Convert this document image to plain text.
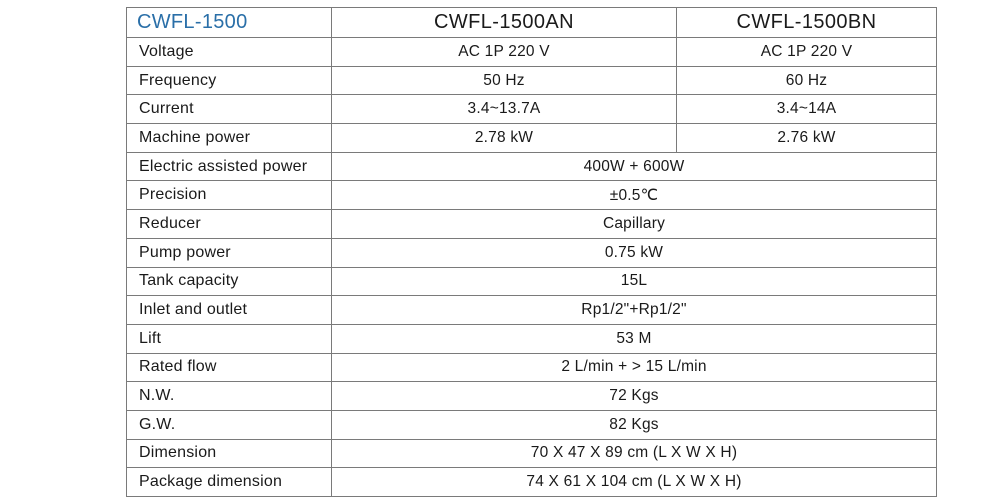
CWFL-1500	CWFL-1500AN	CWFL-1500BN
Voltage	AC 1P 220 V	AC 1P 220 V
Frequency	50 Hz	60 Hz
Current	3.4~13.7A	3.4~14A
Machine power	2.78 kW	2.76 kW
Electric assisted power	400W + 600W	
Precision	±0.5℃	
Reducer	Capillary	
Pump power	0.75 kW	
Tank capacity	15L	
Inlet and outlet	Rp1/2"+Rp1/2"	
Lift	53 M	
Rated flow	2 L/min + > 15 L/min	
N.W.	72 Kgs	
G.W.	82 Kgs	
Dimension	70 X 47 X 89 cm (L X W X H)	
Package dimension	74 X 61 X 104 cm (L X W X H)	
